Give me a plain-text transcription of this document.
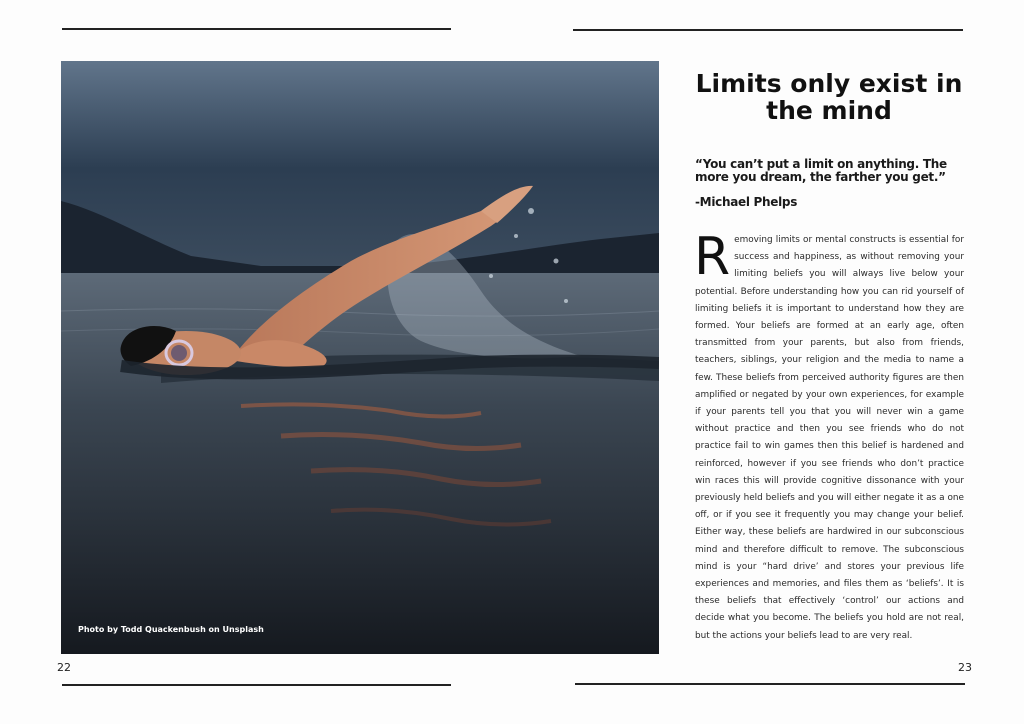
Photo by Todd Quackenbush on Unsplash
Limits only exist in the mind
“You can’t put a limit on anything. The more you dream, the farther you get.”
-Michael Phelps
Removing limits or mental constructs is essential for success and happiness, as without removing your limiting beliefs you will always live below your potential. Before understanding how you can rid yourself of limiting beliefs it is important to understand how they are formed. Your beliefs are formed at an early age, often transmitted from your parents, but also from friends, teachers, siblings, your religion and the media to name a few. These beliefs from perceived authority figures are then amplified or negated by your own experiences, for example if your parents tell you that you will never win a game without practice and then you see friends who do not practice fail to win games then this belief is hardened and reinforced, however if you see friends who don’t practice win races this will provide cognitive dissonance with your previously held beliefs and you will either negate it as a one off, or if you see it frequently you may change your belief. Either way, these beliefs are hardwired in our subconscious mind and therefore difficult to remove. The subconscious mind is your “hard drive’ and stores your previous life experiences and memories, and files them as ‘beliefs’. It is these beliefs that effectively ‘control’ our actions and decide what you become. The beliefs you hold are not real, but the actions your beliefs lead to are very real.
22	23
